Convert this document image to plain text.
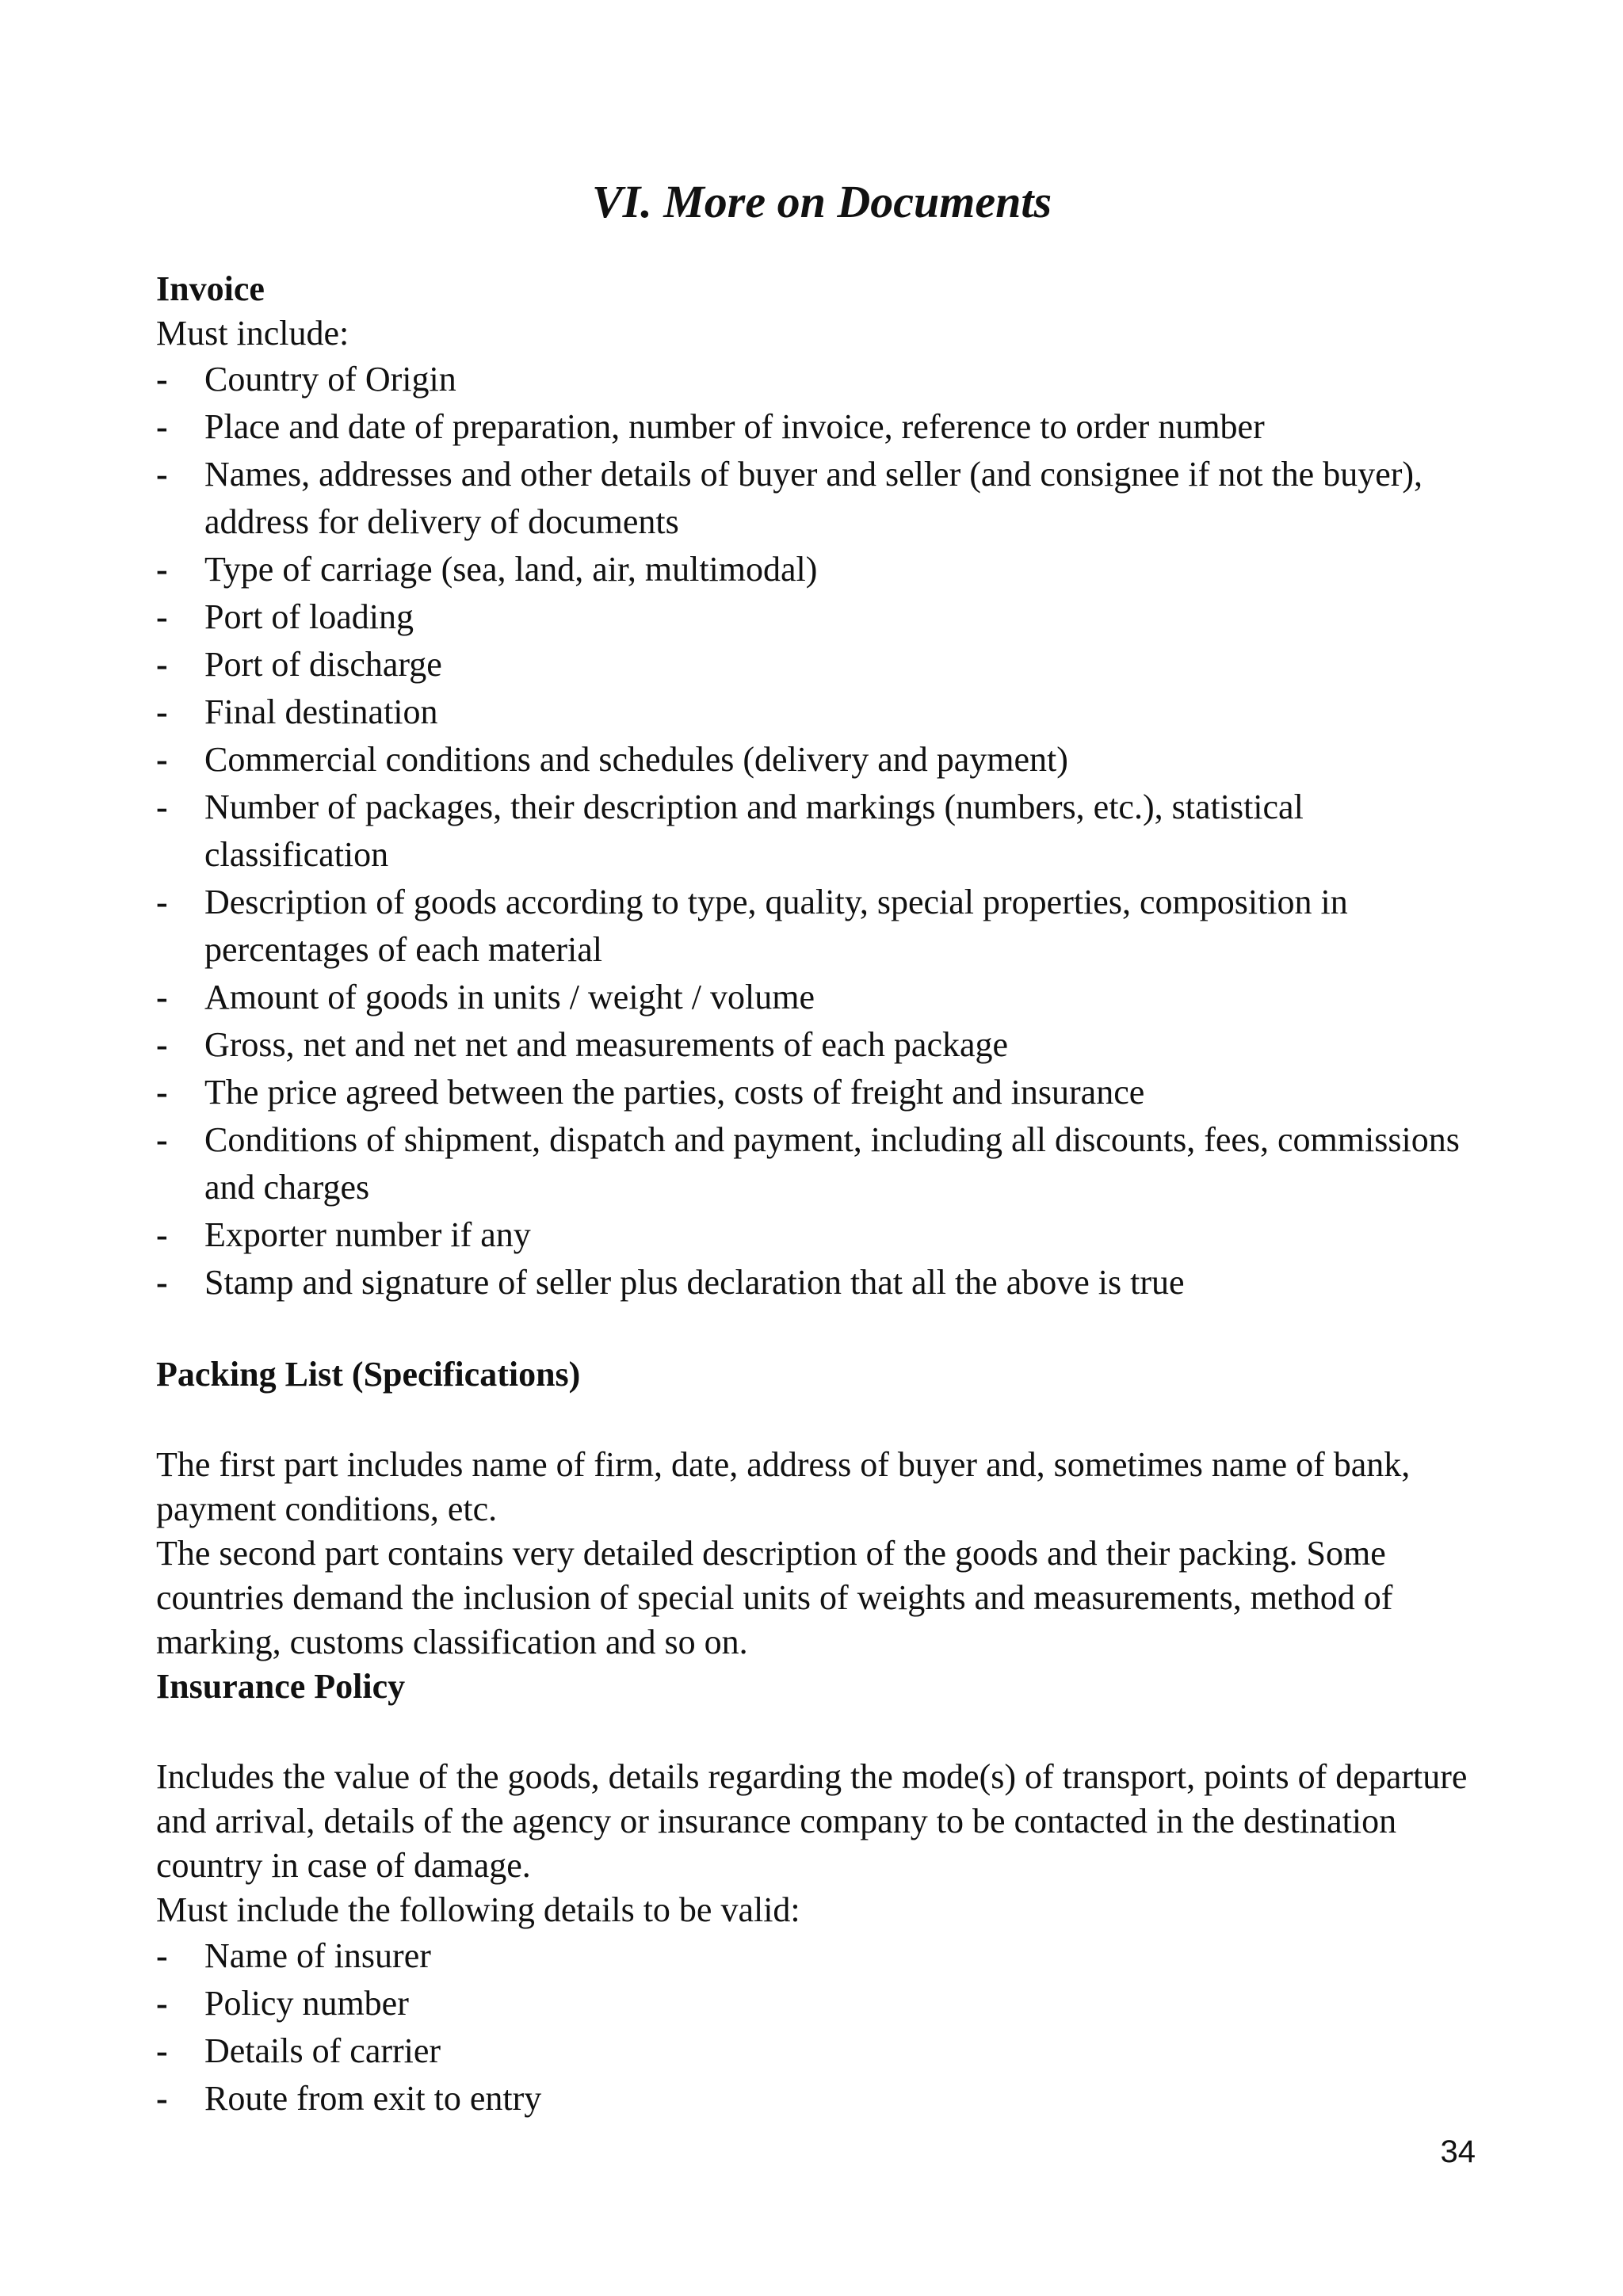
VI. More on Documents

Invoice

Must include:

-	Country of Origin
-	Place and date of preparation, number of invoice, reference to order number
-	Names, addresses and other details of buyer and seller (and consignee if not the buyer), address for delivery of documents
-	Type of carriage (sea, land, air, multimodal)
-	Port of loading
-	Port of discharge
-	Final destination
-	Commercial conditions and schedules (delivery and payment)
-	Number of packages, their description and markings (numbers, etc.), statistical classification
-	Description of goods according to type, quality, special properties, composition in percentages of each material
-	Amount of goods in units / weight / volume
-	Gross, net and net net and measurements of each package
-	The price agreed between the parties, costs of freight and insurance
-	Conditions of shipment, dispatch and payment, including all discounts, fees, commissions and charges
-	Exporter number if any
-	Stamp and signature of seller plus declaration that all the above is true

Packing List (Specifications)

The first part includes name of firm, date, address of buyer and, sometimes name of bank, payment conditions, etc.

The second part contains very detailed description of the goods and their packing. Some countries demand the inclusion of special units of weights and measurements, method of marking, customs classification and so on.

Insurance Policy

Includes the value of the goods, details regarding the mode(s) of transport, points of departure and arrival, details of the agency or insurance company to be contacted in the destination country in case of damage.

Must include the following details to be valid:

-	Name of insurer
-	Policy number
-	Details of carrier
-	Route from exit to entry
34
